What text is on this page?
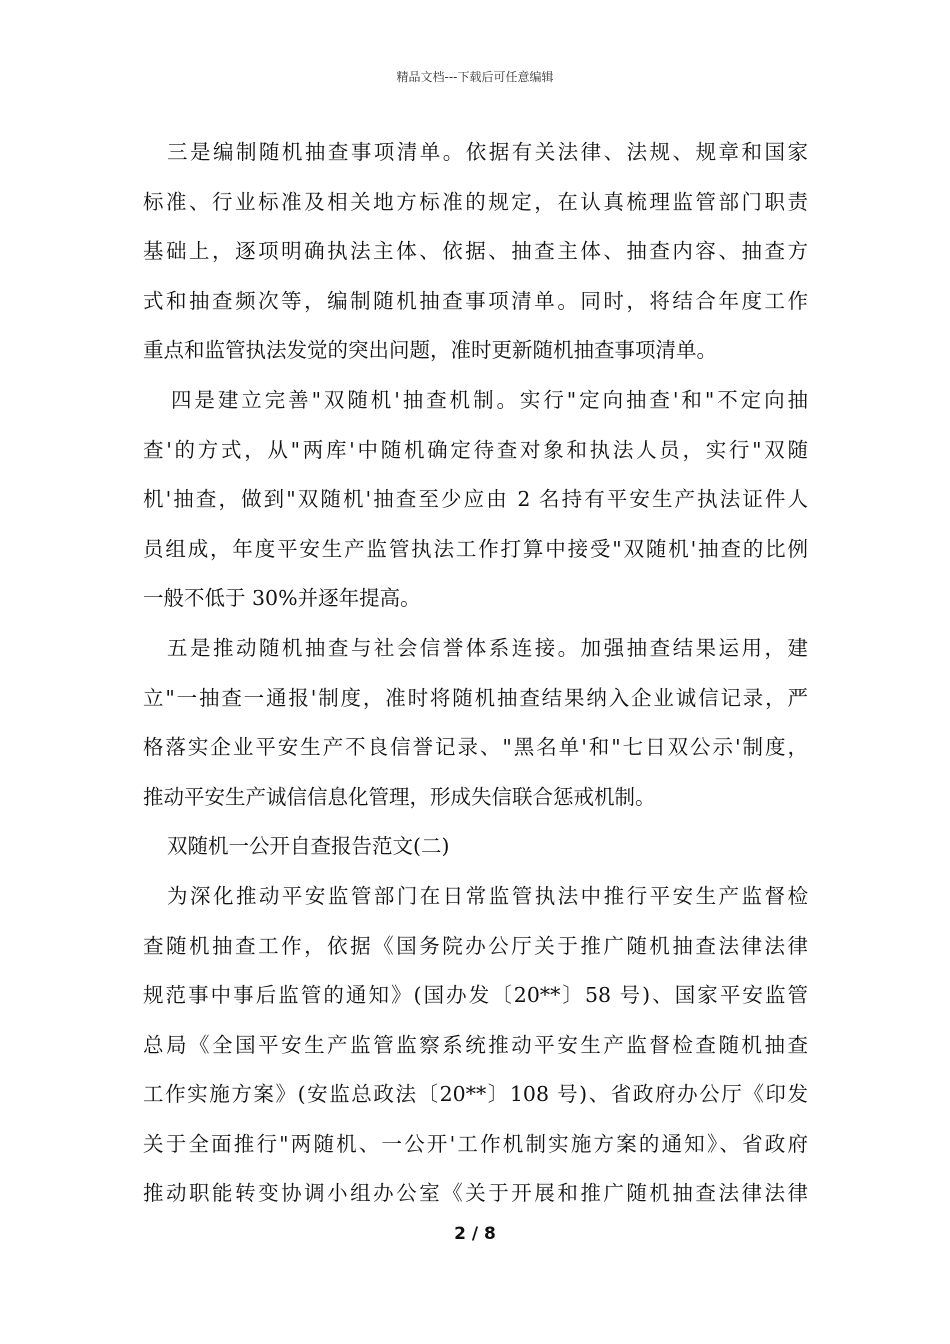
精品文档---下载后可任意编辑
三是编制随机抽查事项清单。依据有关法律、法规、规章和国家
标准、行业标准及相关地方标准的规定，在认真梳理监管部门职责
基础上，逐项明确执法主体、依据、抽查主体、抽查内容、抽查方
式和抽查频次等，编制随机抽查事项清单。同时，将结合年度工作
重点和监管执法发觉的突出问题，准时更新随机抽查事项清单。
四是建立完善"双随机'抽查机制。实行"定向抽查'和"不定向抽
查'的方式，从"两库'中随机确定待查对象和执法人员，实行"双随
机'抽查，做到"双随机'抽查至少应由 2 名持有平安生产执法证件人
员组成，年度平安生产监管执法工作打算中接受"双随机'抽查的比例
一般不低于 30%并逐年提高。
五是推动随机抽查与社会信誉体系连接。加强抽查结果运用，建
立"一抽查一通报'制度，准时将随机抽查结果纳入企业诚信记录，严
格落实企业平安生产不良信誉记录、"黑名单'和"七日双公示'制度，
推动平安生产诚信信息化管理，形成失信联合惩戒机制。
双随机一公开自查报告范文(二)
为深化推动平安监管部门在日常监管执法中推行平安生产监督检
查随机抽查工作，依据《国务院办公厅关于推广随机抽查法律法律
规范事中事后监管的通知》(国办发〔20**〕58 号)、国家平安监管
总局《全国平安生产监管监察系统推动平安生产监督检查随机抽查
工作实施方案》(安监总政法〔20**〕108 号)、省政府办公厅《印发
关于全面推行"两随机、一公开'工作机制实施方案的通知》、省政府
推动职能转变协调小组办公室《关于开展和推广随机抽查法律法律
2 / 8
